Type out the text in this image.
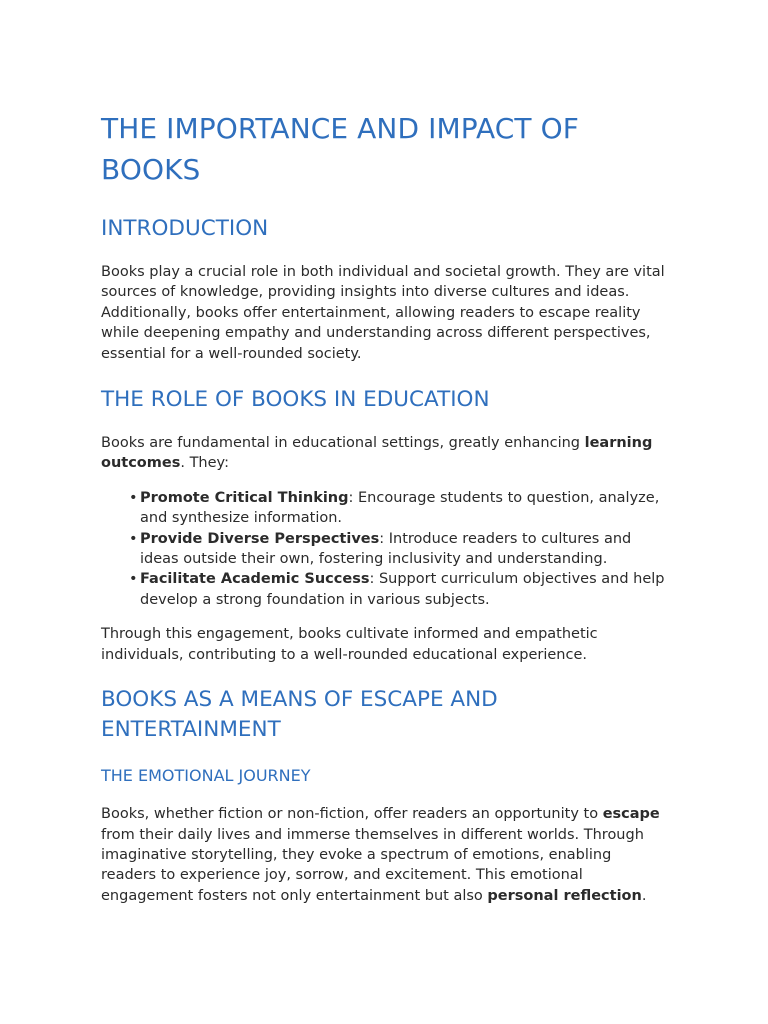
THE IMPORTANCE AND IMPACT OF BOOKS
INTRODUCTION

Books play a crucial role in both individual and societal growth. They are vital sources of knowledge, providing insights into diverse cultures and ideas. Additionally, books offer entertainment, allowing readers to escape reality while deepening empathy and understanding across different perspectives, essential for a well-rounded society.

THE ROLE OF BOOKS IN EDUCATION

Books are fundamental in educational settings, greatly enhancing learning outcomes. They:

• Promote Critical Thinking: Encourage students to question, analyze, and synthesize information.
• Provide Diverse Perspectives: Introduce readers to cultures and ideas outside their own, fostering inclusivity and understanding.
• Facilitate Academic Success: Support curriculum objectives and help develop a strong foundation in various subjects.

Through this engagement, books cultivate informed and empathetic individuals, contributing to a well-rounded educational experience.

BOOKS AS A MEANS OF ESCAPE AND ENTERTAINMENT
THE EMOTIONAL JOURNEY

Books, whether fiction or non-fiction, offer readers an opportunity to escape from their daily lives and immerse themselves in different worlds. Through imaginative storytelling, they evoke a spectrum of emotions, enabling readers to experience joy, sorrow, and excitement. This emotional engagement fosters not only entertainment but also personal reflection.
